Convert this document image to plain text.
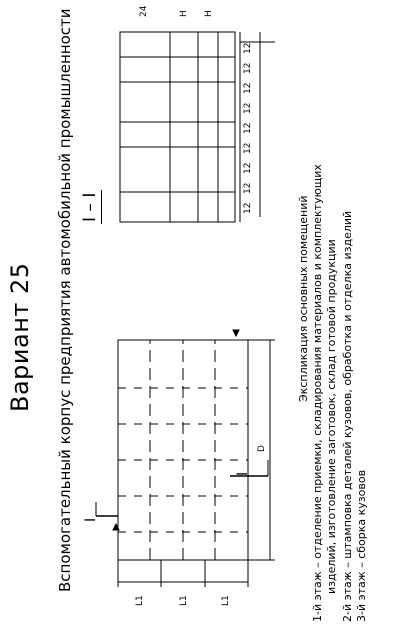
Вариант 25 Вспомогательный корпус предприятия автомобильной промышленности I – I
I
I
D
L1	L1	L1
24	H H
12
12
12
12
12
12
12
12
12
Экспликация основных помещений 1-й этаж – отделение приемки, складирования материалов и комплектующих изделий, изготовление заготовок, склад готовой продукции 2-й этаж – штамповка деталей кузовов, обработка и отделка изделий 3-й этаж – сборка кузовов
